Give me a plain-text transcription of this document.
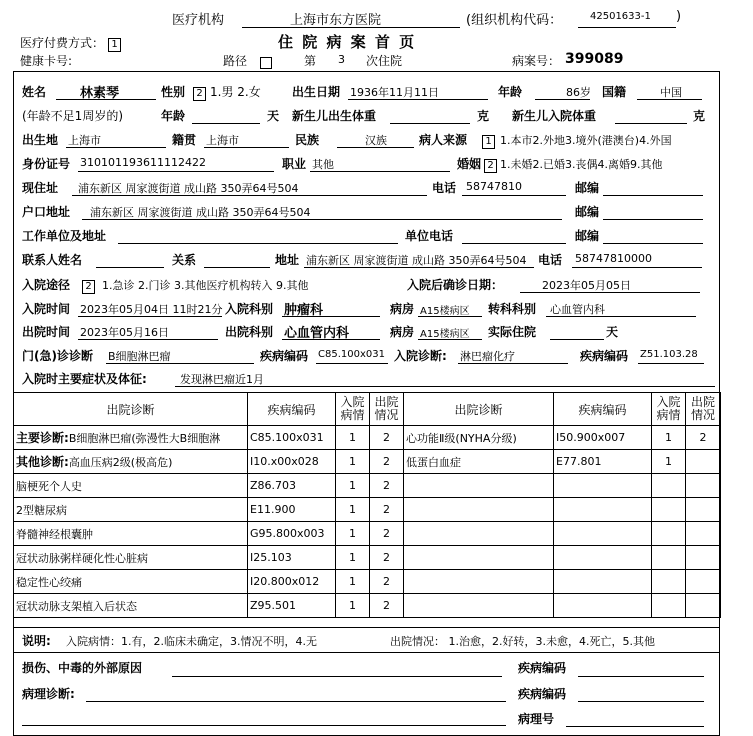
医疗机构	上海市东方医院	(组织机构代码：	42501633-1 )
医疗付费方式： 1	住 院 病 案 首 页
健康卡号:	路径	第 3 次住院	病案号： 399089
姓名	林素琴	性别	2 1.男 2.女	出生日期 1936年11月11日	年龄	86岁 国籍	中国
(年龄不足1周岁的)	年龄	天 新生儿出生体重	克 新生儿入院体重	克
出生地 上海市	籍贯 上海市	民族	汉族	病人来源	1 1.本市2.外地3.境外(港澳台)4.外国
身份证号 310101193611112422	职业 其他	婚姻 2 1.未婚2.已婚3.丧偶4.离婚9.其他
现住址 浦东新区 周家渡街道 成山路 350弄64号504	电话 58747810	邮编
户口地址 浦东新区 周家渡街道 成山路 350弄64号504	邮编
工作单位及地址	单位电话	邮编
联系人姓名	关系	地址 浦东新区 周家渡街道 成山路 350弄64号504 电话 58747810000
入院途径	2 1.急诊 2.门诊 3.其他医疗机构转入 9.其他	入院后确诊日期：	2023年05月05日
入院时间 2023年05月04日 11时21分 入院科别 肿瘤科	病房 A15楼病区 转科科别 心血管内科
出院时间 2023年05月16日	出院科别 心血管内科	病房 A15楼病区 实际住院	天
门(急)诊诊断 B细胞淋巴瘤	疾病编码 C85.100x031 入院诊断: 淋巴瘤化疗	疾病编码 Z51.103.28
入院时主要症状及体征:	发现淋巴瘤近1月
出院诊断	疾病编码	入院病情	出院情况	出院诊断	疾病编码	入院病情	出院情况
主要诊断:B细胞淋巴瘤(弥漫性大B细胞淋	C85.100x031	1	2	心功能Ⅱ级(NYHA分级)	I50.900x007	1	2
其他诊断:高血压病2级(极高危)	I10.x00x028	1	2	低蛋白血症	E77.801	1	
脑梗死个人史	Z86.703	1	2				
2型糖尿病	E11.900	1	2				
脊髓神经根囊肿	G95.800x003	1	2				
冠状动脉粥样硬化性心脏病	I25.103	1	2				
稳定性心绞痛	I20.800x012	1	2				
冠状动脉支架植入后状态	Z95.501	1	2				
说明: 入院病情：1.有，2.临床未确定，3.情况不明，4.无	出院情况： 1.治愈，2.好转，3.未愈，4.死亡，5.其他
损伤、中毒的外部原因	疾病编码
病理诊断:	疾病编码
病理号
